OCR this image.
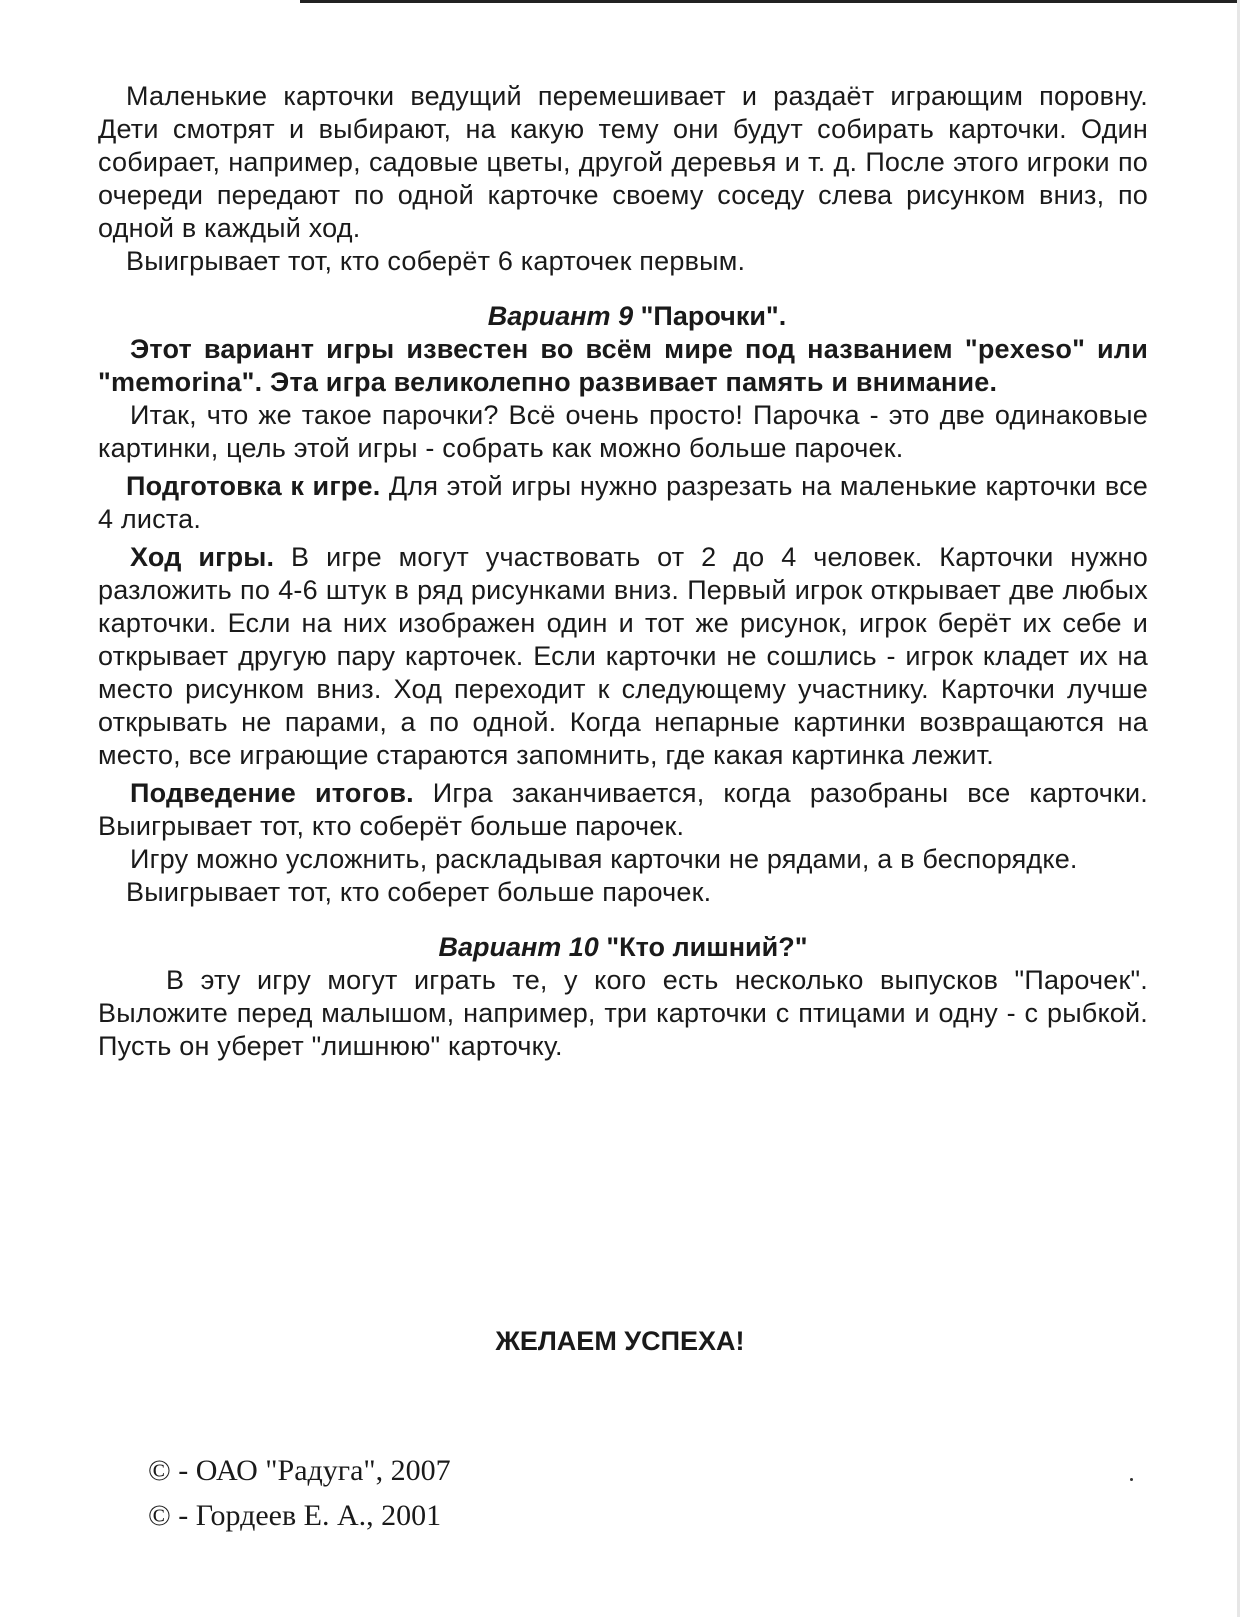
Маленькие карточки ведущий перемешивает и раздаёт играющим поровну. Дети смотрят и выбирают, на какую тему они будут собирать карточки. Один собирает, например, садовые цветы, другой деревья и т. д. После этого игроки по очереди передают по одной карточке своему соседу слева рисунком вниз, по одной в каждый ход.

Выигрывает тот, кто соберёт 6 карточек первым.

Вариант 9 "Парочки".

Этот вариант игры известен во всём мире под названием "pexeso" или "memorina". Эта игра великолепно развивает память и внимание.

Итак, что же такое парочки? Всё очень просто! Парочка - это две одинаковые картинки, цель этой игры - собрать как можно больше парочек.

Подготовка к игре. Для этой игры нужно разрезать на маленькие карточки все 4 листа.

Ход игры. В игре могут участвовать от 2 до 4 человек. Карточки нужно разложить по 4-6 штук в ряд рисунками вниз. Первый игрок открывает две любых карточки. Если на них изображен один и тот же рисунок, игрок берёт их себе и открывает другую пару карточек. Если карточки не сошлись - игрок кладет их на место рисунком вниз. Ход переходит к следующему участнику. Карточки лучше открывать не парами, а по одной. Когда непарные картинки возвращаются на место, все играющие стараются запомнить, где какая картинка лежит.

Подведение итогов. Игра заканчивается, когда разобраны все карточки. Выигрывает тот, кто соберёт больше парочек.

Игру можно усложнить, раскладывая карточки не рядами, а в беспорядке.

Выигрывает тот, кто соберет больше парочек.

Вариант 10 "Кто лишний?"

В эту игру могут играть те, у кого есть несколько выпусков "Парочек". Выложите перед малышом, например, три карточки с птицами и одну - с рыбкой. Пусть он уберет "лишнюю" карточку.

ЖЕЛАЕМ УСПЕХА!
© - ОАО "Радуга", 2007
© - Гордеев Е. А., 2001
